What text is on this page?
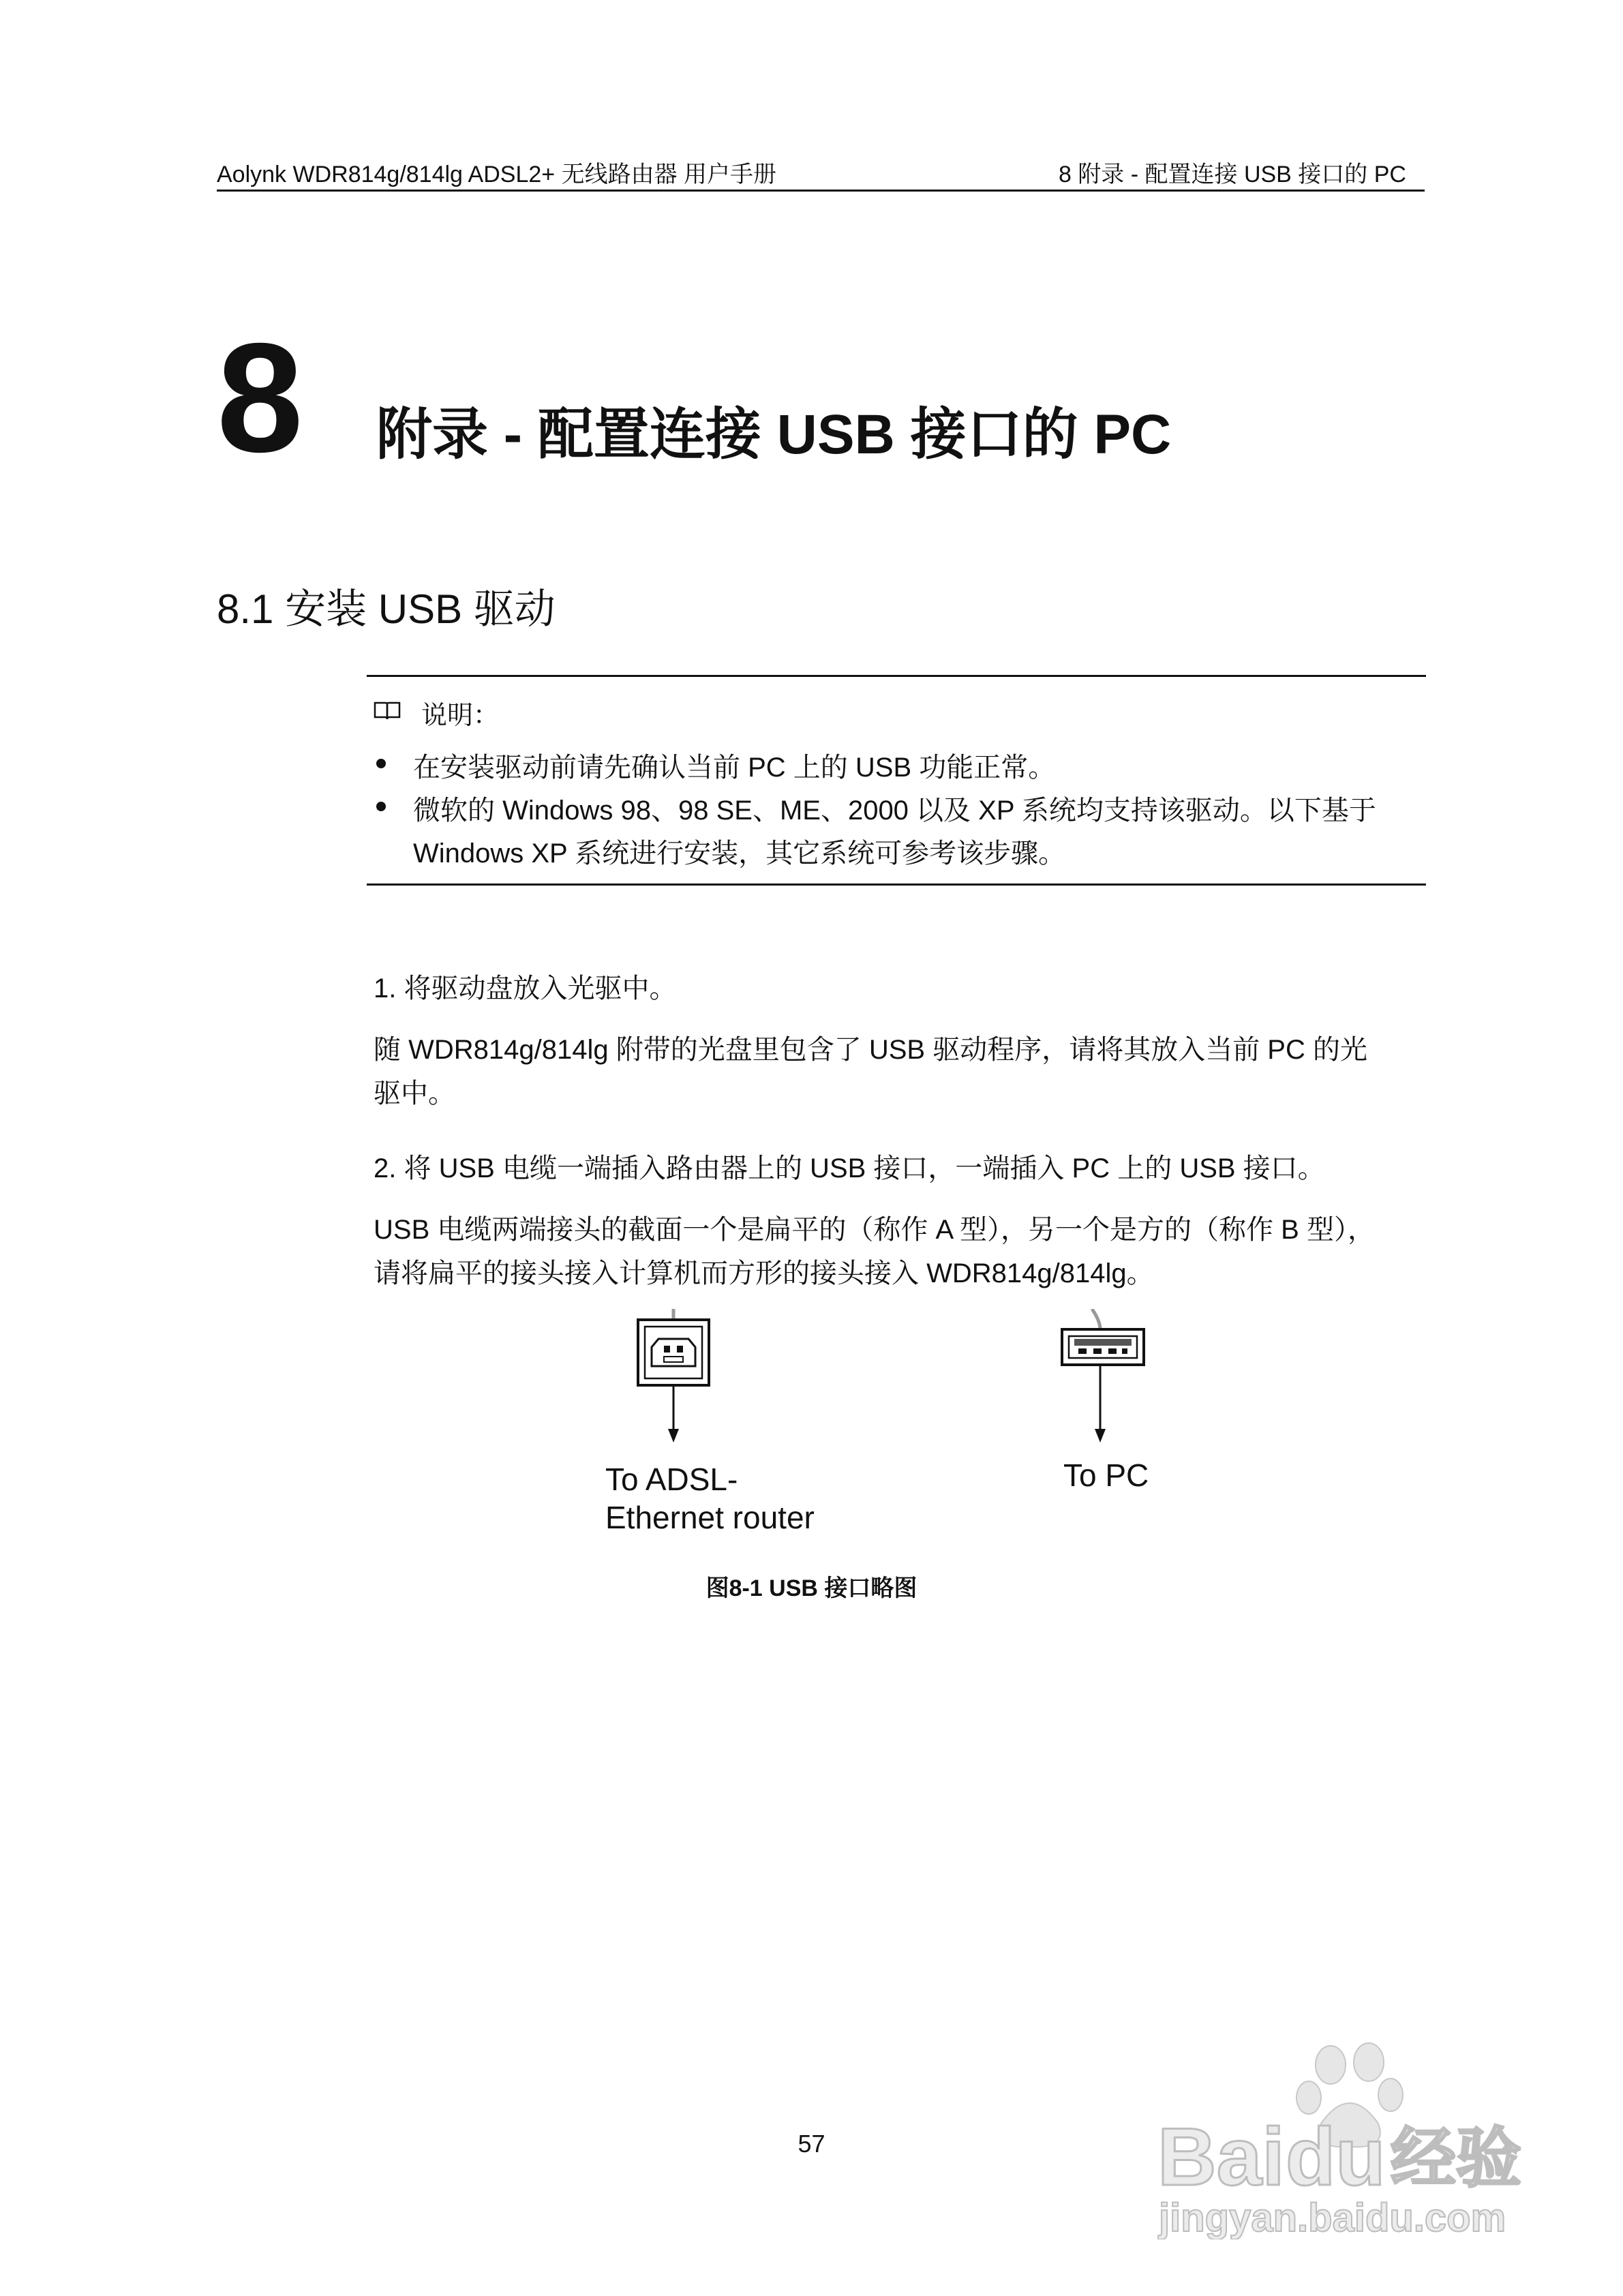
Aolynk WDR814g/814lg ADSL2+ 无线路由器 用户手册	8 附录 - 配置连接 USB 接口的 PC
8 附录 - 配置连接 USB 接口的 PC
8.1 安装 USB 驱动
说明：
在安装驱动前请先确认当前 PC 上的 USB 功能正常。
微软的 Windows 98、98 SE、ME、2000 以及 XP 系统均支持该驱动。以下基于
Windows XP 系统进行安装，其它系统可参考该步骤。
1. 将驱动盘放入光驱中。
随 WDR814g/814lg 附带的光盘里包含了 USB 驱动程序，请将其放入当前 PC 的光
驱中。
2. 将 USB 电缆一端插入路由器上的 USB 接口，一端插入 PC 上的 USB 接口。
USB 电缆两端接头的截面一个是扁平的（称作 A 型），另一个是方的（称作 B 型），
请将扁平的接头接入计算机而方形的接头接入 WDR814g/814lg。
To ADSL-
Ethernet router
To PC
图8-1 USB 接口略图
57	Bai du 经验
jingyan.baidu.com
